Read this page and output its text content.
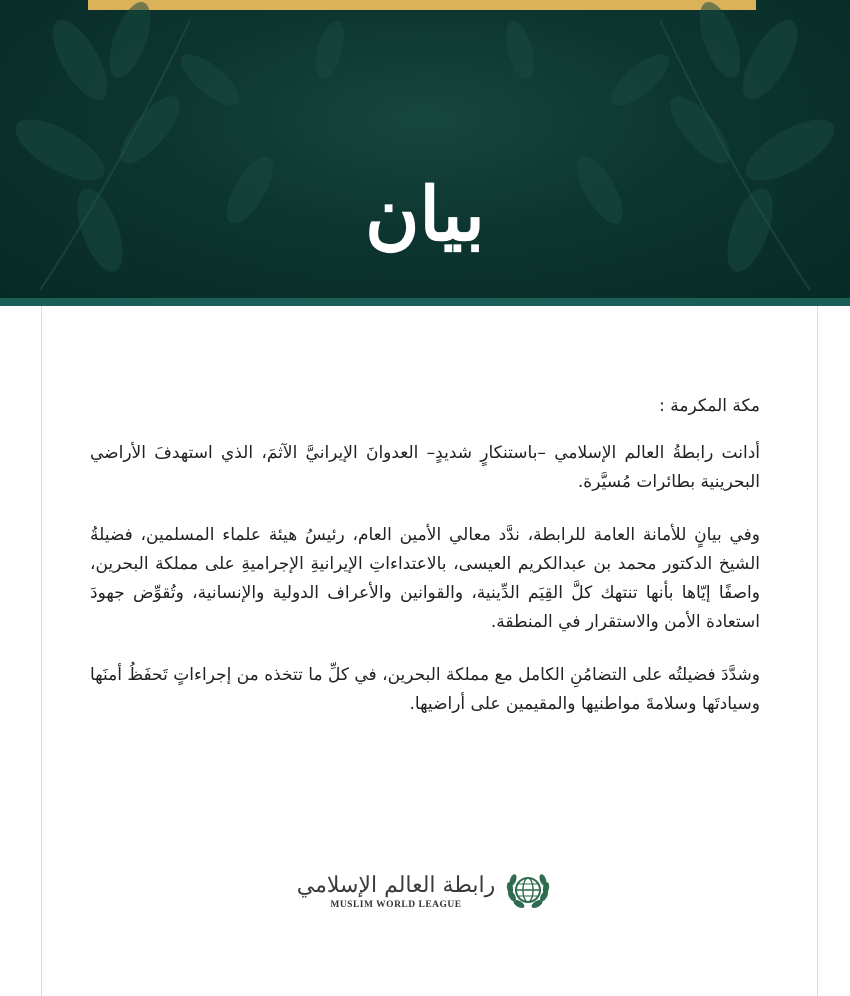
بيان

مكة المكرمة :

أدانت رابطةُ العالم الإسلامي –باستنكارٍ شديدٍ– العدوانَ الإيرانيَّ الآثمَ، الذي استهدفَ الأراضي البحرينية بطائرات مُسيَّرة.

وفي بيانٍ للأمانة العامة للرابطة، ندَّد معالي الأمين العام، رئيسُ هيئة علماء المسلمين، فضيلةُ الشيخ الدكتور محمد بن عبدالكريم العيسى، بالاعتداءاتِ الإيرانيةِ الإجراميةِ على مملكة البحرين، واصفًا إيّاها بأنها تنتهك كلَّ القِيَم الدِّينية، والقوانين والأعراف الدولية والإنسانية، وتُقوِّض جهودَ استعادة الأمن والاستقرار في المنطقة.

وشدَّدَ فضيلتُه على التضامُنِ الكامل مع مملكة البحرين، في كلِّ ما تتخذه من إجراءاتٍ تَحفَظُ أمنَها وسيادتَها وسلامةَ مواطنيها والمقيمين على أراضيها.

رابطة العالم الإسلامي
MUSLIM WORLD LEAGUE
